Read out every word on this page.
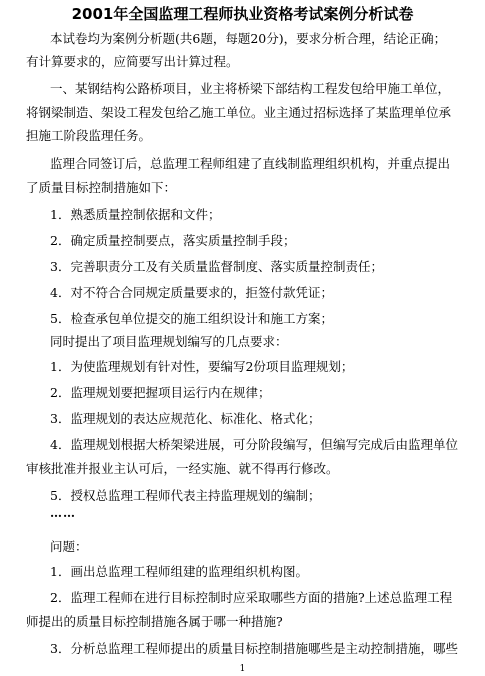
2001年全国监理工程师执业资格考试案例分析试卷
本试卷均为案例分析题(共6题，每题20分)，要求分析合理，结论正确；
有计算要求的，应简要写出计算过程。
一、某钢结构公路桥项目，业主将桥梁下部结构工程发包给甲施工单位，
将钢梁制造、架设工程发包给乙施工单位。业主通过招标选择了某监理单位承
担施工阶段监理任务。
监理合同签订后，总监理工程师组建了直线制监理组织机构，并重点提出
了质量目标控制措施如下：
1．熟悉质量控制依据和文件；
2．确定质量控制要点，落实质量控制手段；
3．完善职责分工及有关质量监督制度、落实质量控制责任；
4．对不符合合同规定质量要求的，拒签付款凭证；
5．检查承包单位提交的施工组织设计和施工方案；
同时提出了项目监理规划编写的几点要求：
1．为使监理规划有针对性，要编写2份项目监理规划；
2．监理规划要把握项目运行内在规律；
3．监理规划的表达应规范化、标准化、格式化；
4．监理规划根据大桥架梁进展，可分阶段编写，但编写完成后由监理单位
审核批准并报业主认可后，一经实施、就不得再行修改。
5．授权总监理工程师代表主持监理规划的编制；
……
问题：
1．画出总监理工程师组建的监理组织机构图。
2．监理工程师在进行目标控制时应采取哪些方面的措施?上述总监理工程
师提出的质量目标控制措施各属于哪一种措施?
3．分析总监理工程师提出的质量目标控制措施哪些是主动控制措施，哪些
1
